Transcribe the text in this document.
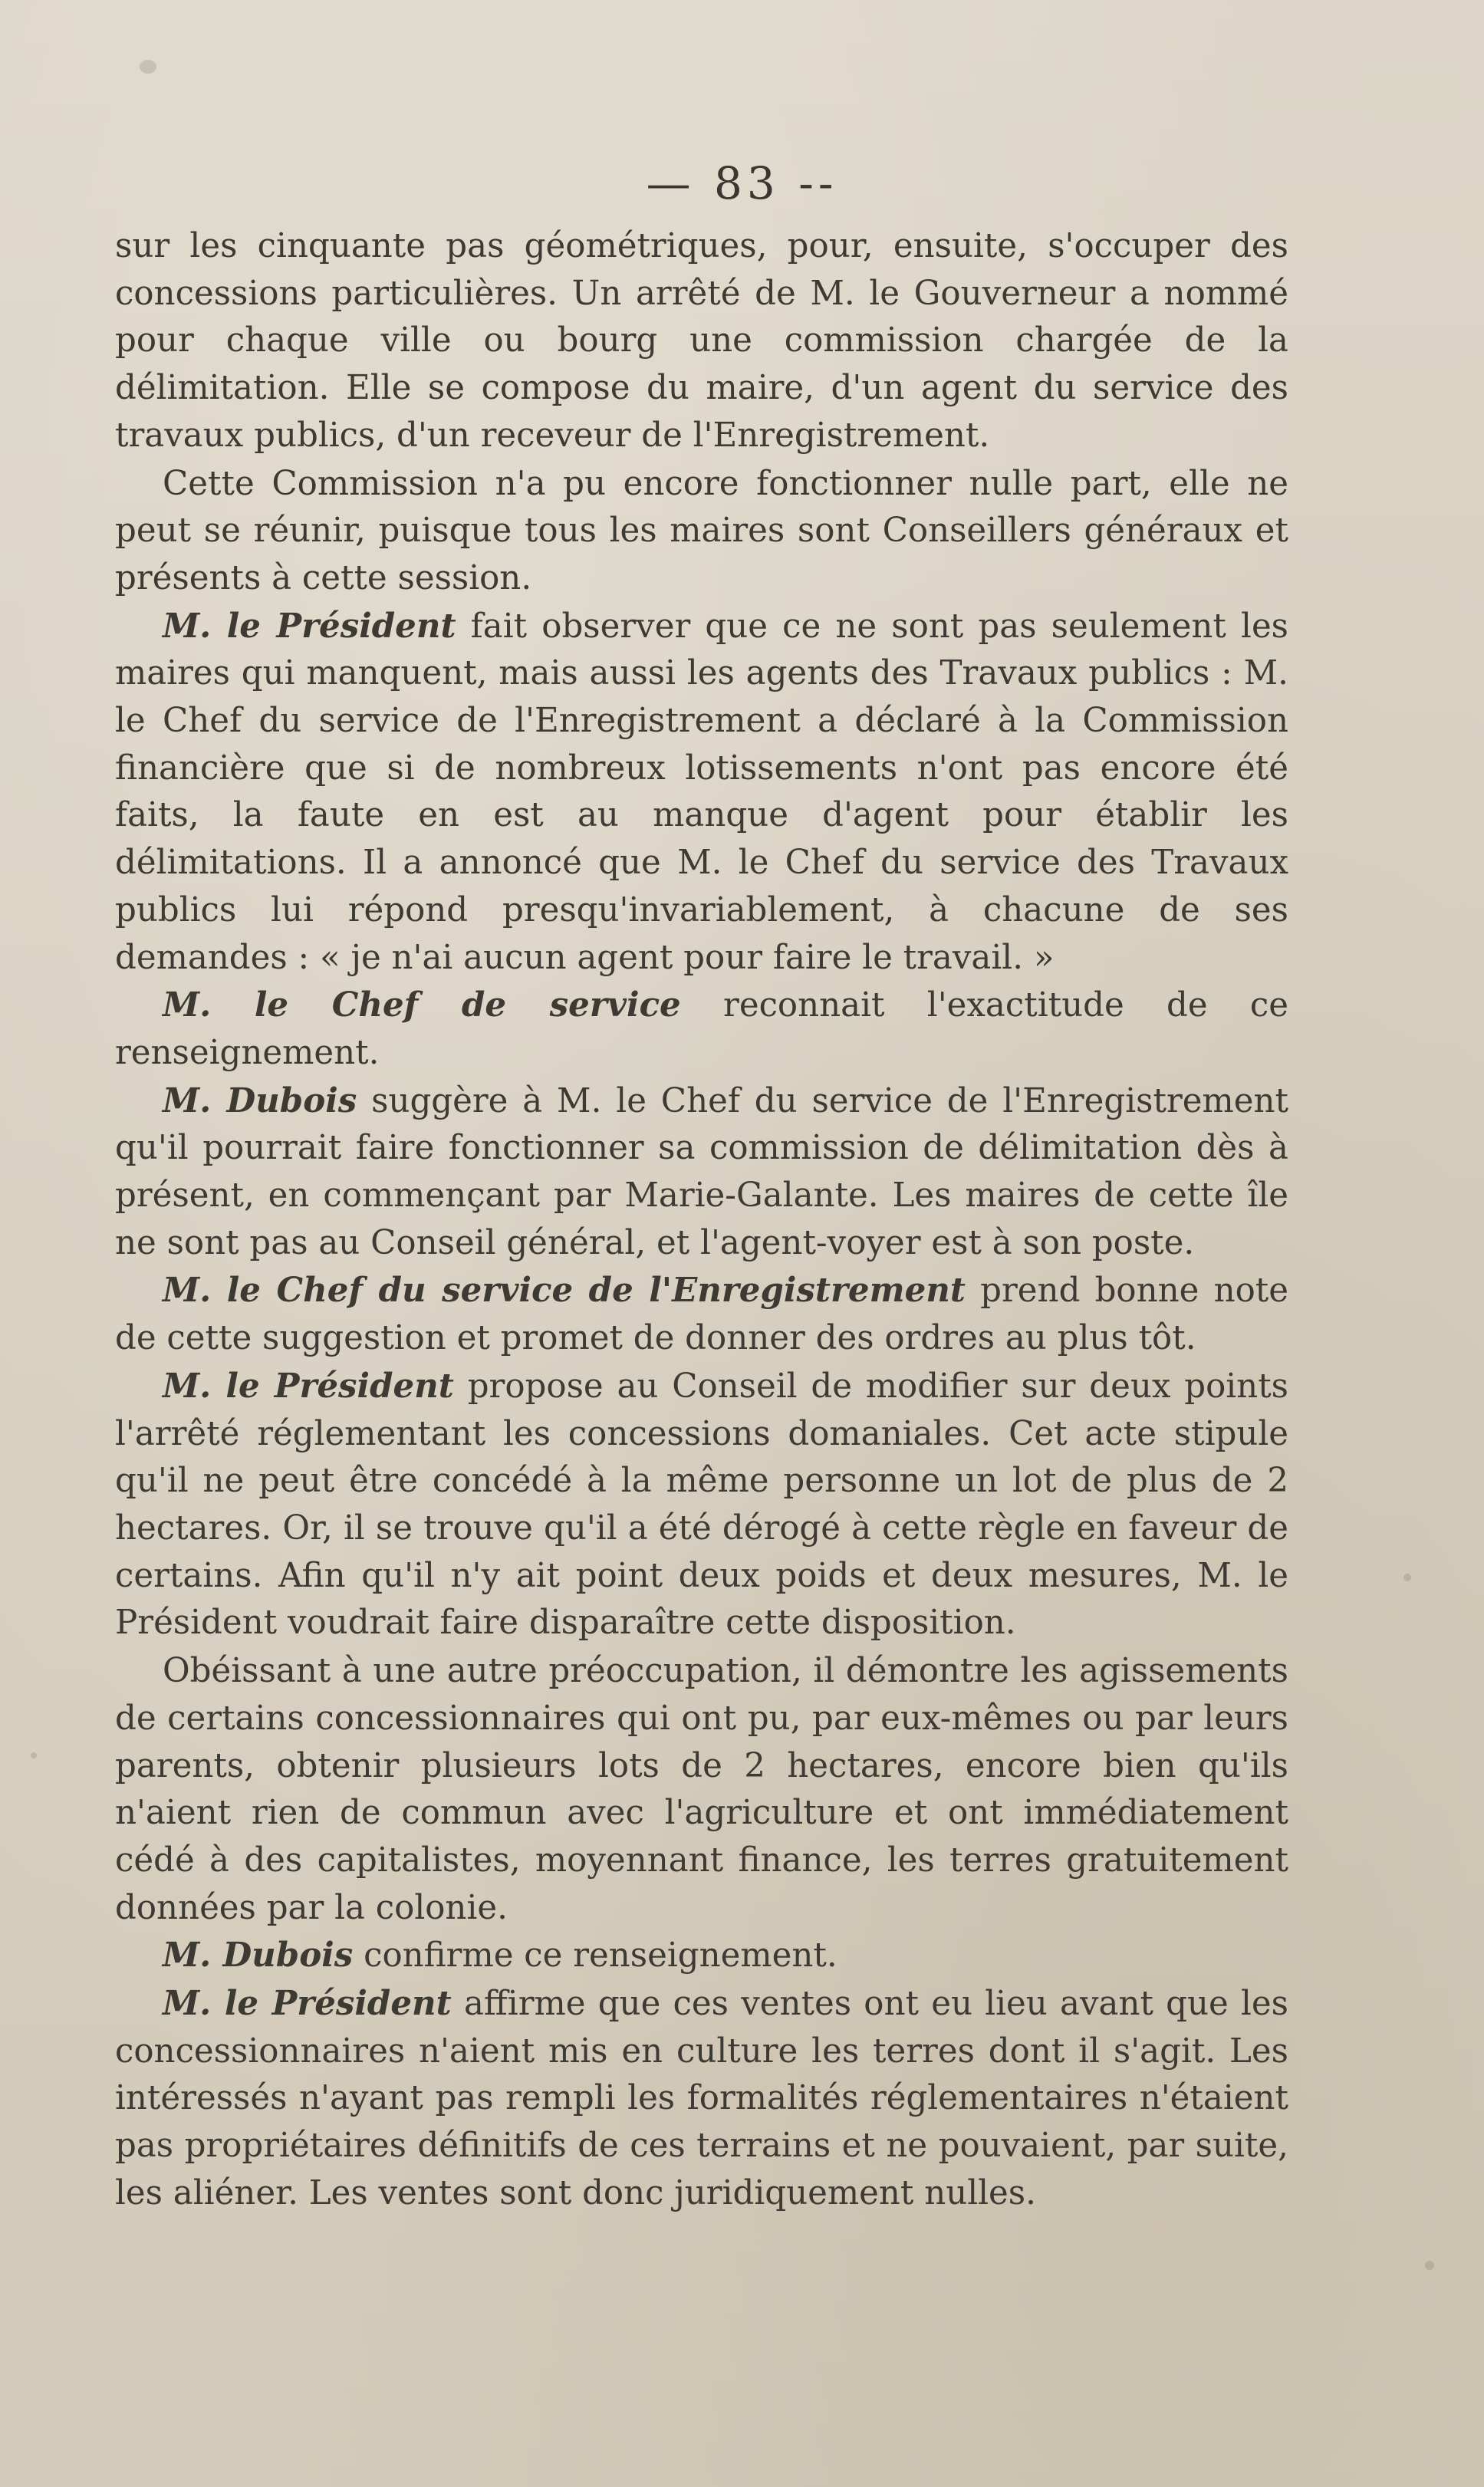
— 83 --

sur les cinquante pas géométriques, pour, ensuite, s'occuper des concessions particulières. Un arrêté de M. le Gouverneur a nommé pour chaque ville ou bourg une commission chargée de la délimitation. Elle se compose du maire, d'un agent du service des travaux publics, d'un receveur de l'Enregistrement.

Cette Commission n'a pu encore fonctionner nulle part, elle ne peut se réunir, puisque tous les maires sont Conseillers généraux et présents à cette session.

M. le Président fait observer que ce ne sont pas seulement les maires qui manquent, mais aussi les agents des Travaux publics : M. le Chef du service de l'Enregistrement a déclaré à la Commission financière que si de nombreux lotissements n'ont pas encore été faits, la faute en est au manque d'agent pour établir les délimitations. Il a annoncé que M. le Chef du service des Travaux publics lui répond presqu'invariablement, à chacune de ses demandes : « je n'ai aucun agent pour faire le travail. »

M. le Chef de service reconnait l'exactitude de ce renseignement.

M. Dubois suggère à M. le Chef du service de l'Enregistrement qu'il pourrait faire fonctionner sa commission de délimitation dès à présent, en commençant par Marie-Galante. Les maires de cette île ne sont pas au Conseil général, et l'agent-voyer est à son poste.

M. le Chef du service de l'Enregistrement prend bonne note de cette suggestion et promet de donner des ordres au plus tôt.

M. le Président propose au Conseil de modifier sur deux points l'arrêté réglementant les concessions domaniales. Cet acte stipule qu'il ne peut être concédé à la même personne un lot de plus de 2 hectares. Or, il se trouve qu'il a été dérogé à cette règle en faveur de certains. Afin qu'il n'y ait point deux poids et deux mesures, M. le Président voudrait faire disparaître cette disposition.

Obéissant à une autre préoccupation, il démontre les agissements de certains concessionnaires qui ont pu, par eux-mêmes ou par leurs parents, obtenir plusieurs lots de 2 hectares, encore bien qu'ils n'aient rien de commun avec l'agriculture et ont immédiatement cédé à des capitalistes, moyennant finance, les terres gratuitement données par la colonie.

M. Dubois confirme ce renseignement.

M. le Président affirme que ces ventes ont eu lieu avant que les concessionnaires n'aient mis en culture les terres dont il s'agit. Les intéressés n'ayant pas rempli les formalités réglementaires n'étaient pas propriétaires définitifs de ces terrains et ne pouvaient, par suite, les aliéner. Les ventes sont donc juridiquement nulles.
